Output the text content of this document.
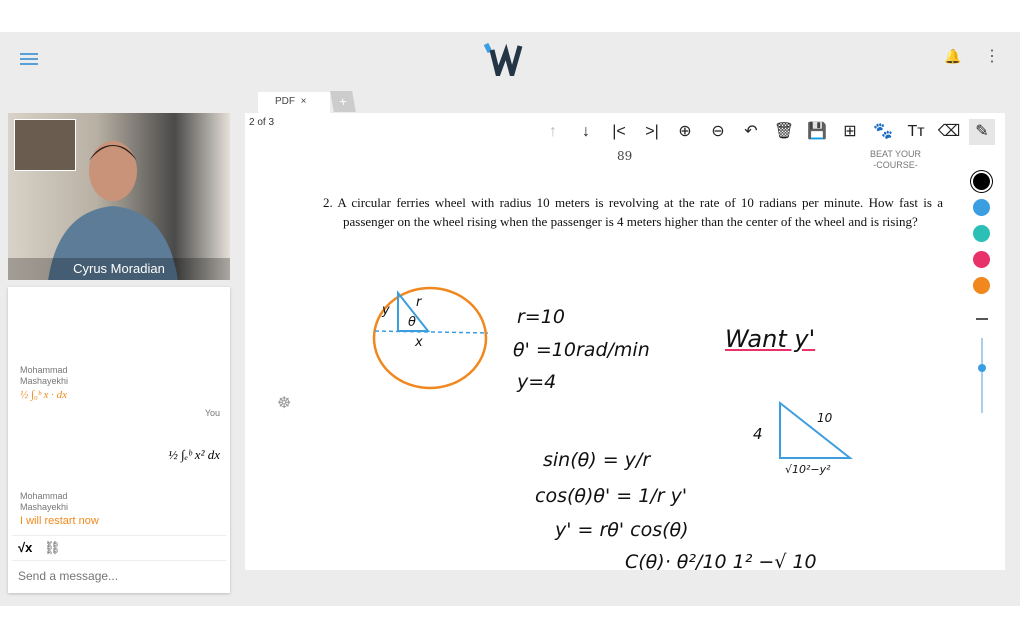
🔔 ⋮
Cyrus Moradian
Mohammad Mashayekhi
½ ∫₀ᵇ x · dx
You
½ ∫ₑᵇ x² dx
Mohammad Mashayekhi
I will restart now
√x ⛓
Send a message...
PDF ×	+
2 of 3
↑	↓	|<	>|	⊕	⊖	↶	🗑 💾	⊞	🐾 Tт ⌫ ✎
89	BEAT YOUR
-COURSE-
☸
2. A circular ferries wheel with radius 10 meters is revolving at the rate of 10 radians per minute. How fast is a passenger on the wheel rising when the passenger is 4 meters higher than the center of the wheel and is rising?
y
r
θ
x
r=10
θ' =10rad/min
y=4
Want y'
4
10
√10²−y²
sin(θ) = y/r
cos(θ)θ' = 1/r y'
y' = rθ' cos(θ)
C(θ)· θ²/10 1² −√ 10
